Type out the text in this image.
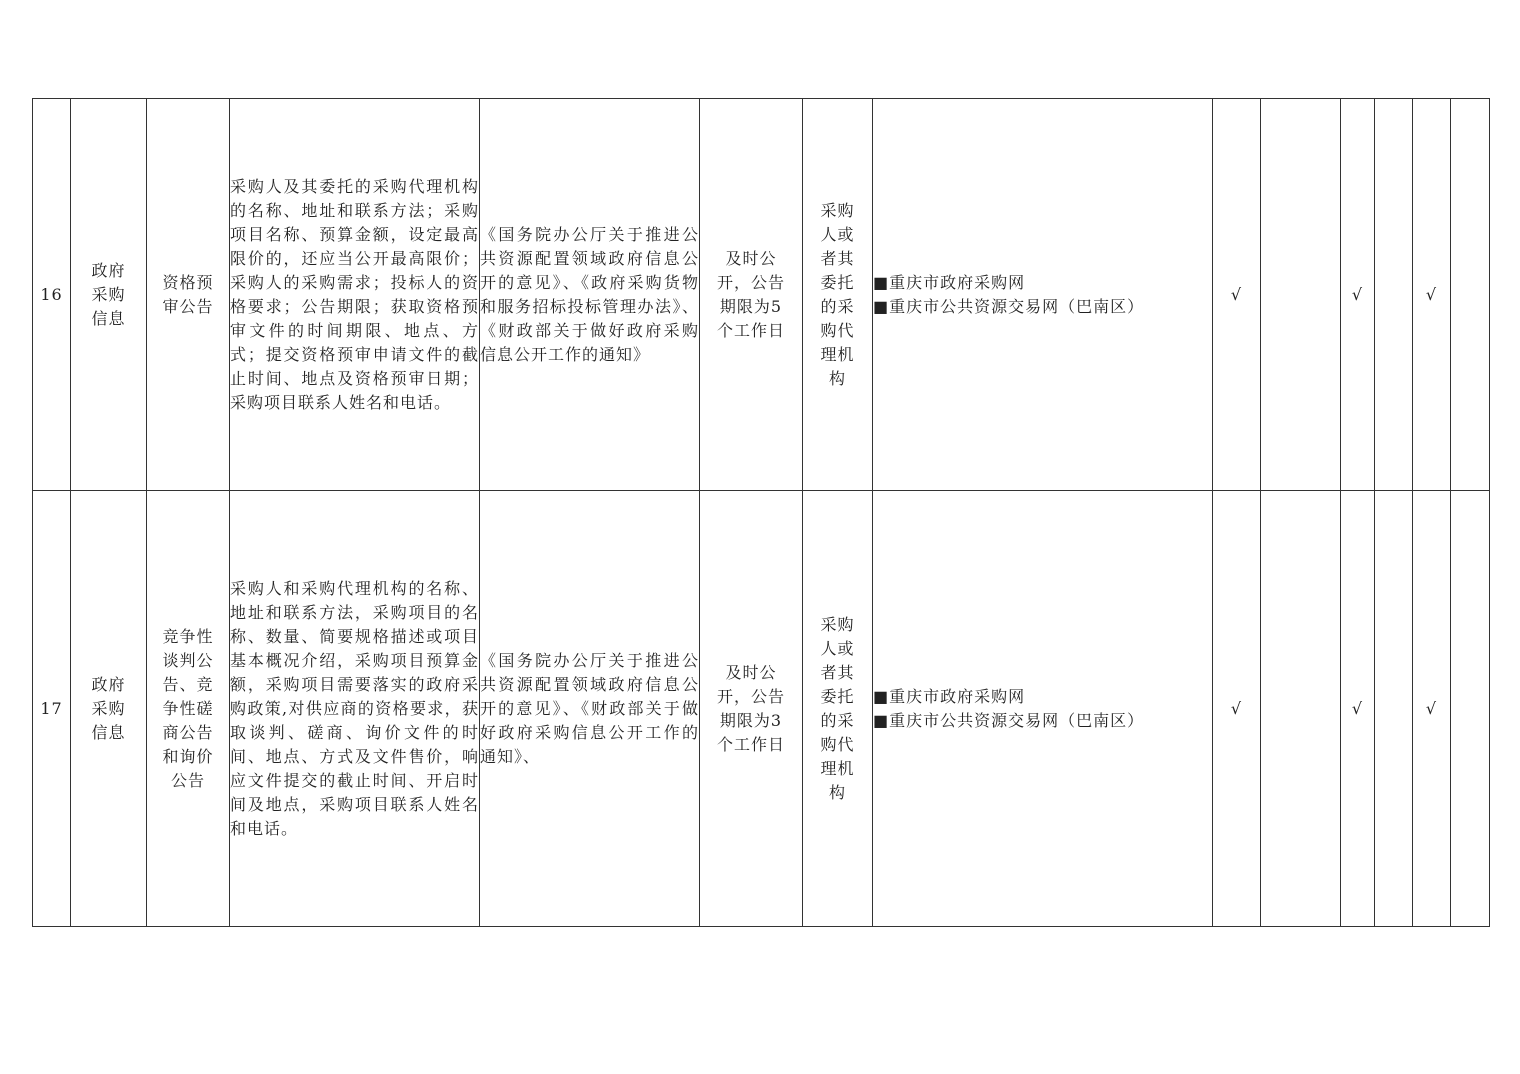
16	政府采购信息	资格预审公告	采购人及其委托的采购代理机构的名称、地址和联系方法；采购项目名称、预算金额，设定最高限价的，还应当公开最高限价；采购人的采购需求；投标人的资格要求；公告期限；获取资格预审文件的时间期限、地点、方式；提交资格预审申请文件的截止时间、地点及资格预审日期；采购项目联系人姓名和电话。	《国务院办公厅关于推进公共资源配置领域政府信息公开的意见》、《政府采购货物和服务招标投标管理办法》、《财政部关于做好政府采购信息公开工作的通知》	及时公开，公告期限为5个工作日	采购人或者其委托的采购代理机构	■重庆市政府采购网
■重庆市公共资源交易网（巴南区）	√		√		√	
17	政府采购信息	竞争性谈判公告、竞争性磋商公告和询价公告	采购人和采购代理机构的名称、地址和联系方法，采购项目的名称、数量、简要规格描述或项目基本概况介绍，采购项目预算金额，采购项目需要落实的政府采购政策,对供应商的资格要求，获取谈判、磋商、询价文件的时间、地点、方式及文件售价，响应文件提交的截止时间、开启时间及地点，采购项目联系人姓名和电话。	《国务院办公厅关于推进公共资源配置领域政府信息公开的意见》、《财政部关于做好政府采购信息公开工作的通知》、	及时公开，公告期限为3个工作日	采购人或者其委托的采购代理机构	■重庆市政府采购网
■重庆市公共资源交易网（巴南区）	√		√		√	
